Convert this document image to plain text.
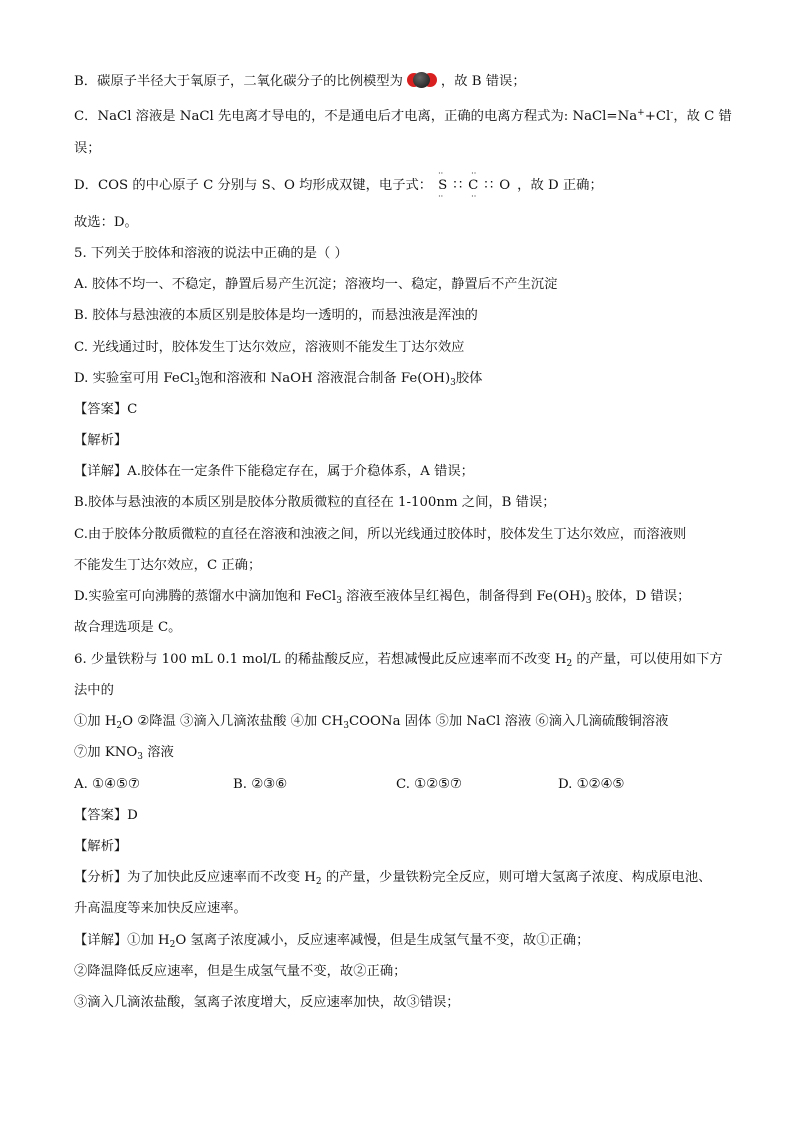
B．碳原子半径大于氧原子，二氧化碳分子的比例模型为	，故 B 错误；
C．NaCl 溶液是 NaCl 先电离才导电的，不是通电后才电离，正确的电离方程式为: NaCl=Na++Cl-，故 C 错
误；
D．COS 的中心原子 C 分别与 S、O 均形成双键，电子式：
··           ··
S ∷ C ∷ O
··           ··
，故 D 正确；
故选：D。
5. 下列关于胶体和溶液的说法中正确的是（ ）
A. 胶体不均一、不稳定，静置后易产生沉淀；溶液均一、稳定，静置后不产生沉淀
B. 胶体与悬浊液的本质区别是胶体是均一透明的，而悬浊液是浑浊的
C. 光线通过时，胶体发生丁达尔效应，溶液则不能发生丁达尔效应
D. 实验室可用 FeCl$_3$饱和溶液和 NaOH 溶液混合制备 $Fe(OH)_3$胶体
【答案】C
【解析】
【详解】A.胶体在一定条件下能稳定存在，属于介稳体系，A 错误；
B.胶体与悬浊液的本质区别是胶体分散质微粒的直径在 1-100nm 之间，B 错误；
C.由于胶体分散质微粒的直径在溶液和浊液之间，所以光线通过胶体时，胶体发生丁达尔效应，而溶液则
不能发生丁达尔效应，C 正确；
D.实验室可向沸腾的蒸馏水中滴加饱和 FeCl$_3$ 溶液至液体呈红褐色，制备得到 $Fe(OH)_3$ 胶体，D 错误；
故合理选项是 C。
6. 少量铁粉与 100 mL 0.1 mol/L 的稀盐酸反应，若想减慢此反应速率而不改变 $H_2$ 的产量，可以使用如下方
法中的
①加 $H_2O$ ②降温 ③滴入几滴浓盐酸 ④加 $CH_3COONa$ 固体 ⑤加 NaCl 溶液 ⑥滴入几滴硫酸铜溶液
⑦加 $KNO_3$ 溶液
A. ①④⑤⑦	B. ②③⑥	C. ①②⑤⑦	D. ①②④⑤
【答案】D
【解析】
【分析】为了加快此反应速率而不改变 $H_2$ 的产量，少量铁粉完全反应，则可增大氢离子浓度、构成原电池、
升高温度等来加快反应速率。
【详解】①加 $H_2O$ 氢离子浓度减小，反应速率减慢，但是生成氢气量不变，故①正确；
②降温降低反应速率，但是生成氢气量不变，故②正确；
③滴入几滴浓盐酸，氢离子浓度增大，反应速率加快，故③错误；
